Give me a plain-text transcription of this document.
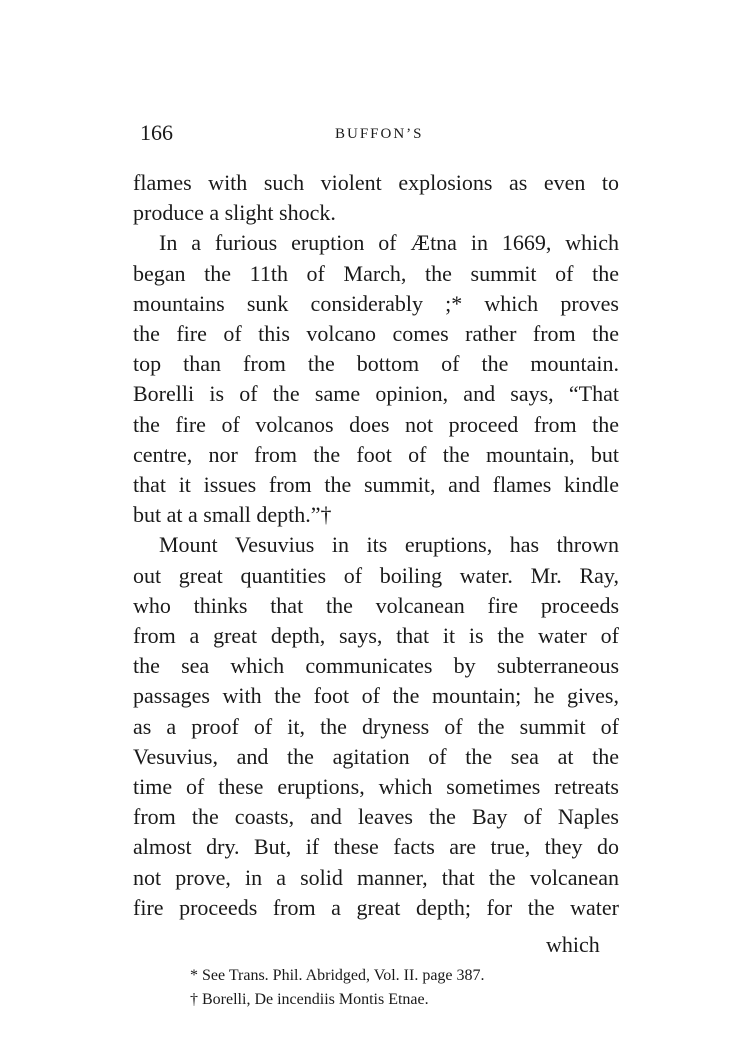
166	BUFFON’S
flames with such violent explosions as even to
produce a slight shock.
In a furious eruption of Ætna in 1669, which
began the 11th of March, the summit of the
mountains sunk considerably ;* which proves
the fire of this volcano comes rather from the
top than from the bottom of the mountain.
Borelli is of the same opinion, and says, “That
the fire of volcanos does not proceed from the
centre, nor from the foot of the mountain, but
that it issues from the summit, and flames kindle
but at a small depth.”†
Mount Vesuvius in its eruptions, has thrown
out great quantities of boiling water. Mr. Ray,
who thinks that the volcanean fire proceeds
from a great depth, says, that it is the water of
the sea which communicates by subterraneous
passages with the foot of the mountain; he gives,
as a proof of it, the dryness of the summit of
Vesuvius, and the agitation of the sea at the
time of these eruptions, which sometimes retreats
from the coasts, and leaves the Bay of Naples
almost dry. But, if these facts are true, they do
not prove, in a solid manner, that the volcanean
fire proceeds from a great depth; for the water
which
* See Trans. Phil. Abridged, Vol. II. page 387.
† Borelli, De incendiis Montis Etnae.
